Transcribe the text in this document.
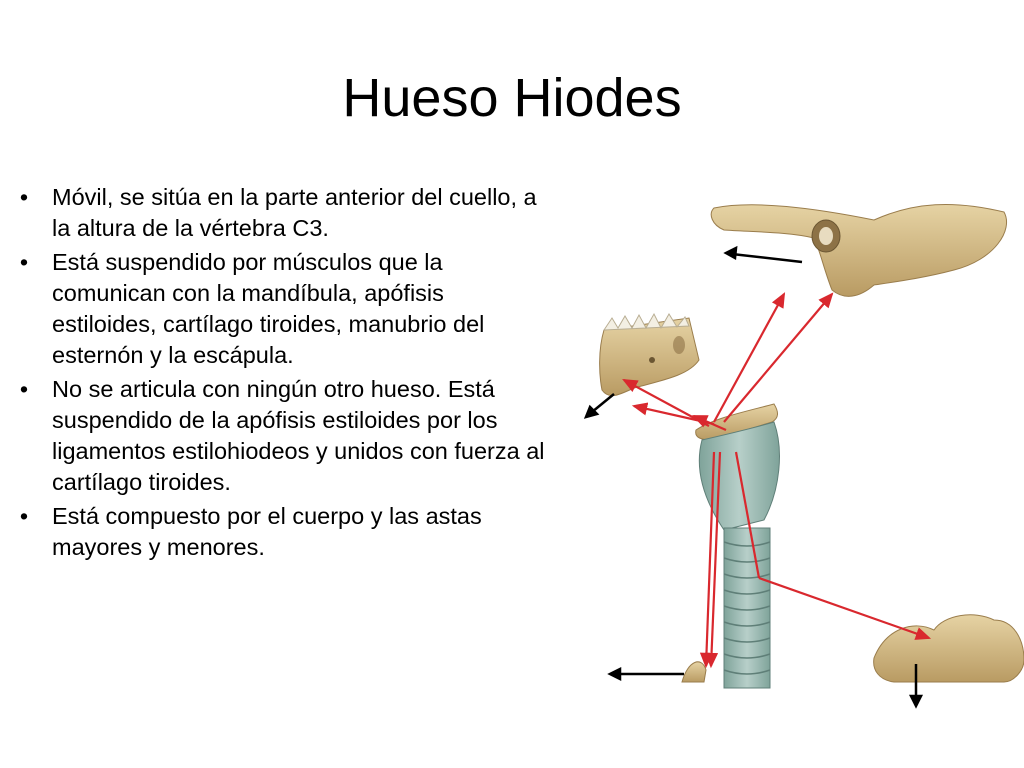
Hueso Hiodes
• Móvil, se sitúa en la parte anterior del cuello, a la altura de la vértebra C3.
• Está suspendido por músculos que la comunican con la mandíbula, apófisis estiloides, cartílago tiroides, manubrio del esternón y la escápula.
• No se articula con ningún otro hueso. Está suspendido de la apófisis estiloides por los ligamentos estilohiodeos y unidos con fuerza al cartílago tiroides.
• Está compuesto por el cuerpo y las astas mayores y menores.
